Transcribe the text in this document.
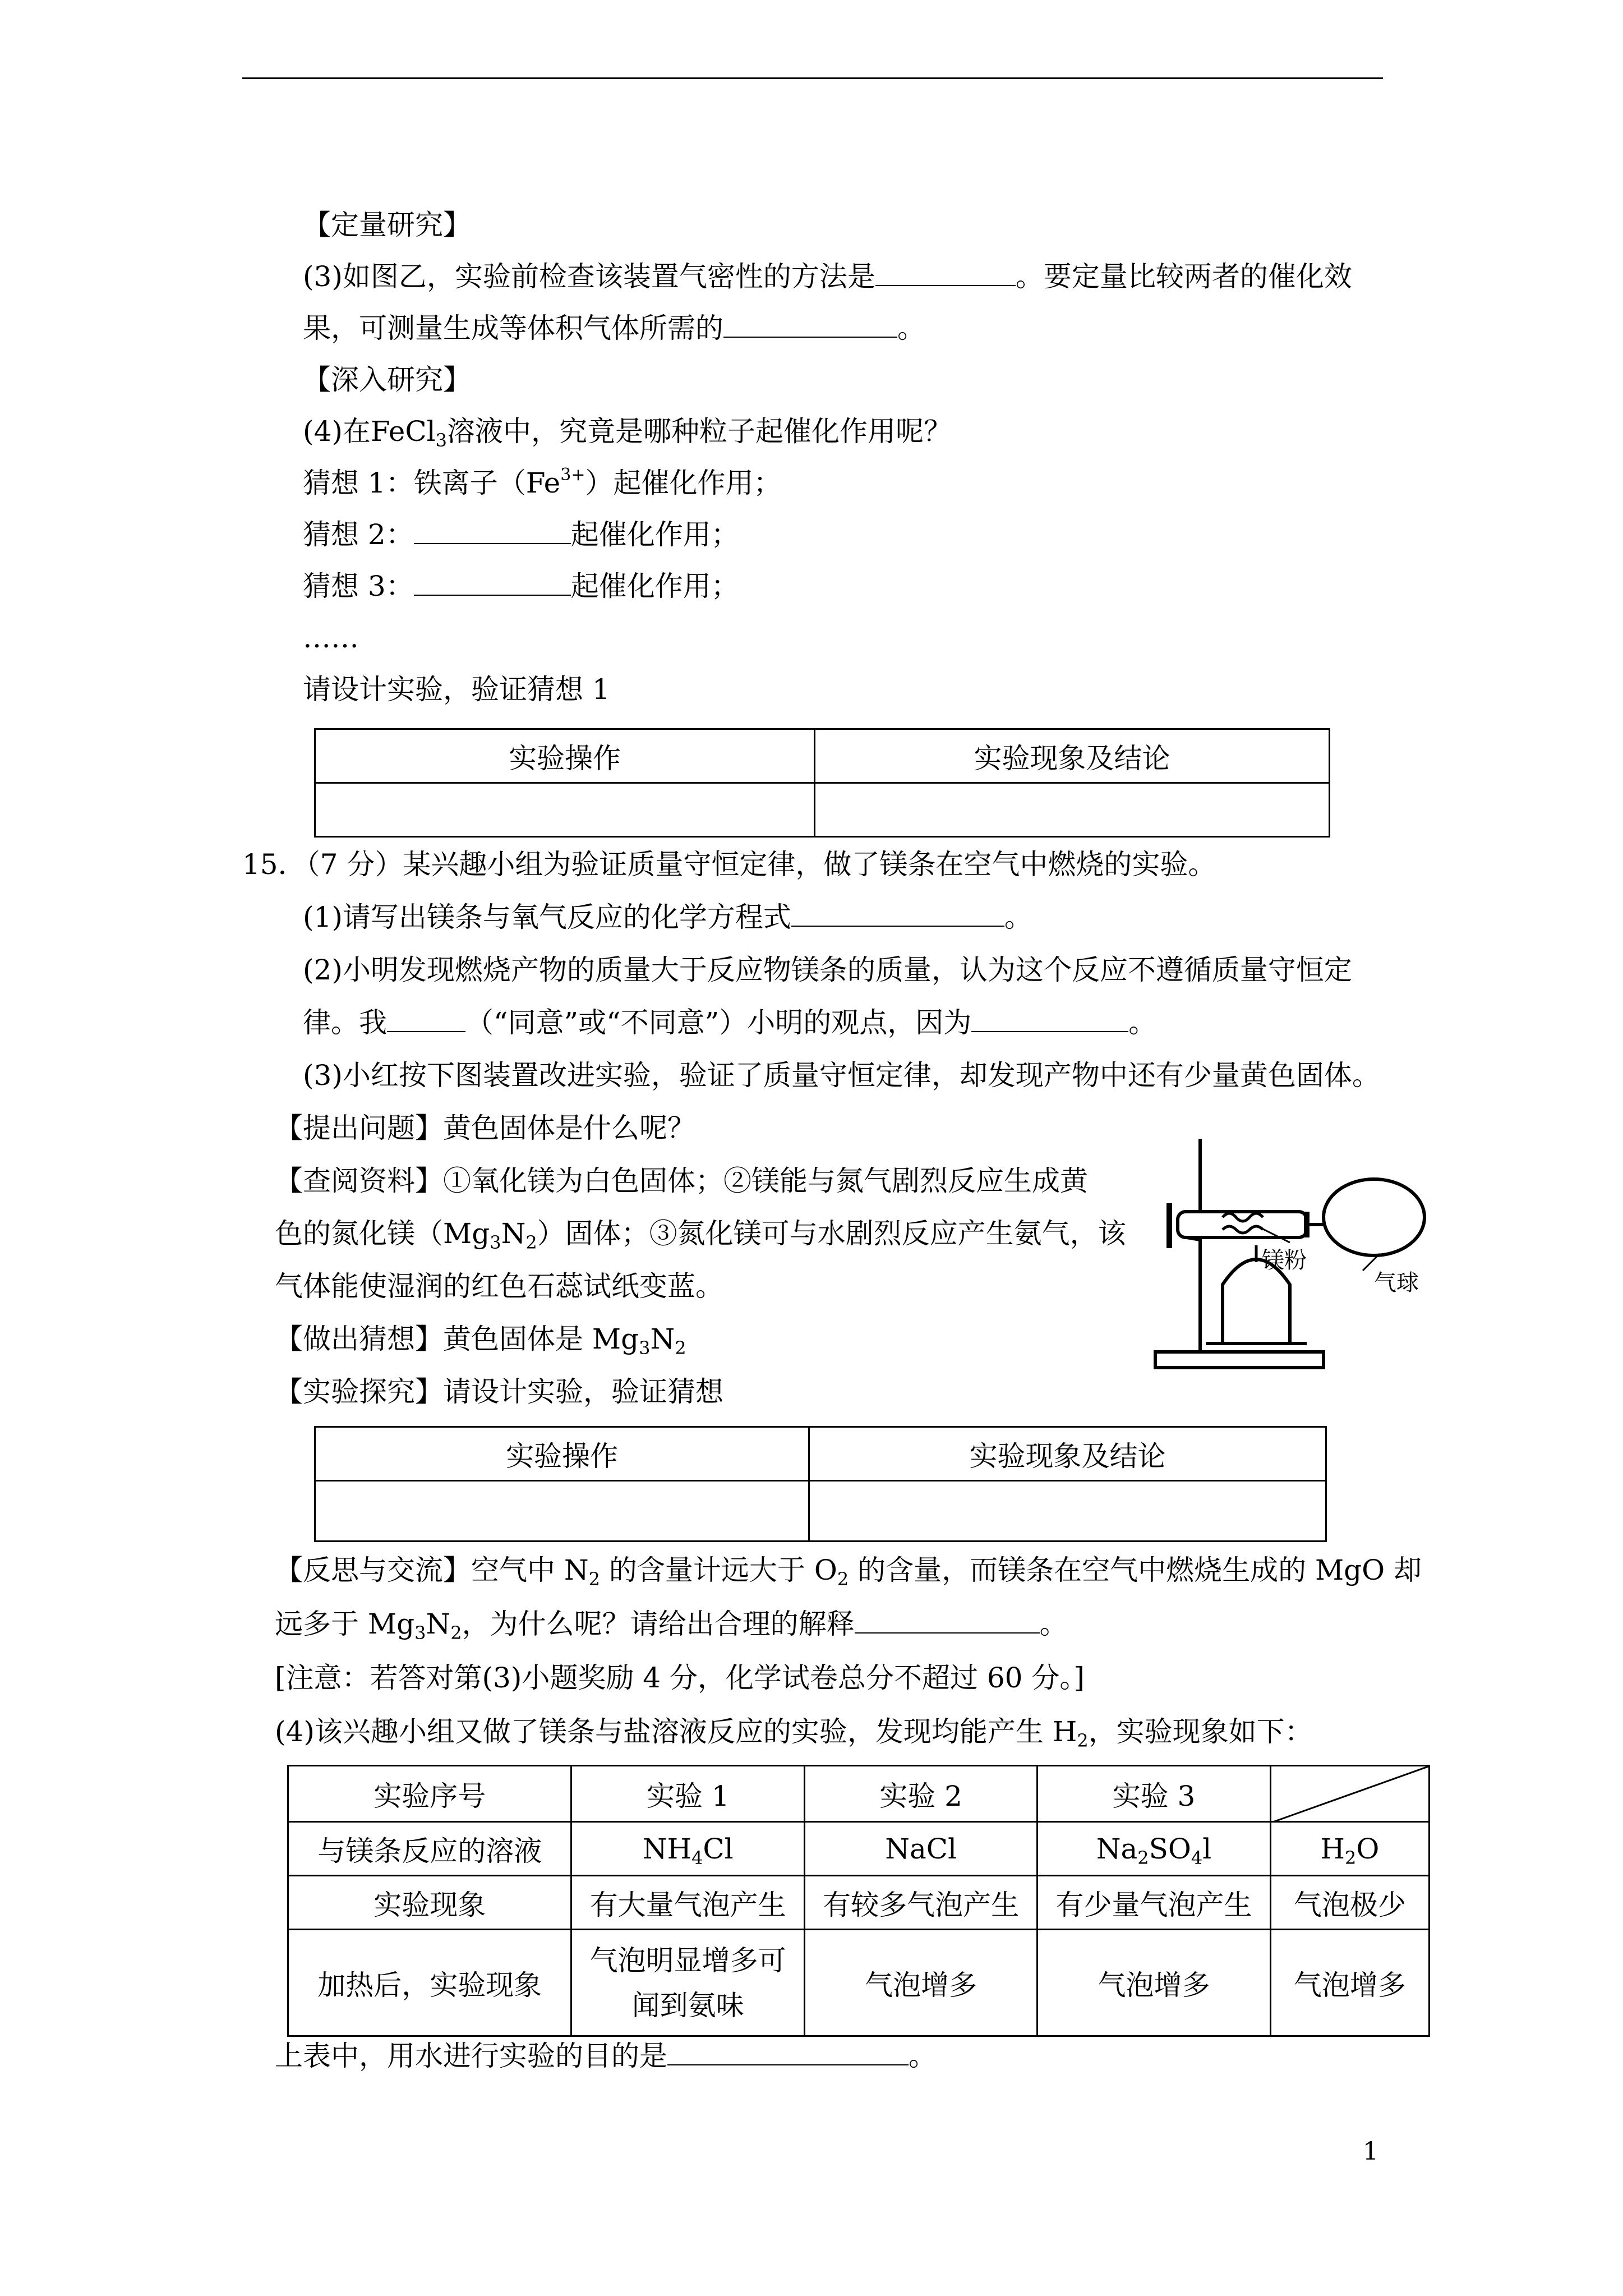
【定量研究】
(3)如图乙，实验前检查该装置气密性的方法是	。要定量比较两者的催化效
果，可测量生成等体积气体所需的	。
【深入研究】
(4)在FeCl$_3$溶液中，究竟是哪种粒子起催化作用呢？
猜想 1：铁离子$(Fe^{3+})$起催化作用；
猜想 2：	起催化作用；
猜想 3：	起催化作用；
……
请设计实验，验证猜想 1
实验操作	实验现象及结论

15．（7 分）某兴趣小组为验证质量守恒定律，做了镁条在空气中燃烧的实验。
(1)请写出镁条与氧气反应的化学方程式	。
(2)小明发现燃烧产物的质量大于反应物镁条的质量，认为这个反应不遵循质量守恒定
律。我	（“同意”或“不同意”）小明的观点，因为	。
(3)小红按下图装置改进实验，验证了质量守恒定律，却发现产物中还有少量黄色固体。
【提出问题】黄色固体是什么呢？
【查阅资料】①氧化镁为白色固体；②镁能与氮气剧烈反应生成黄
色的氮化镁$(Mg_3N_2)$固体；③氮化镁可与水剧烈反应产生氨气，该
气体能使湿润的红色石蕊试纸变蓝。
【做出猜想】黄色固体是 $Mg_3N_2$
【实验探究】请设计实验，验证猜想
镁粉
气球
实验操作	实验现象及结论

【反思与交流】空气中 $N_2$ 的含量计远大于 $O_2$ 的含量，而镁条在空气中燃烧生成的 MgO 却
远多于 $Mg_3N_2$，为什么呢？请给出合理的解释	。
[注意：若答对第(3)小题奖励 4 分，化学试卷总分不超过 60 分。]
(4)该兴趣小组又做了镁条与盐溶液反应的实验，发现均能产生 $H_2$，实验现象如下：
实验序号	实验 1	实验 2	实验 3	

与镁条反应的溶液	$NH_4Cl$	NaCl	$Na_2SO_4l$	$H_2O$
实验现象	有大量气泡产生	有较多气泡产生	有少量气泡产生	气泡极少
加热后，实验现象	气泡明显增多可
闻到氨味	气泡增多	气泡增多	气泡增多
上表中，用水进行实验的目的是	。
1
